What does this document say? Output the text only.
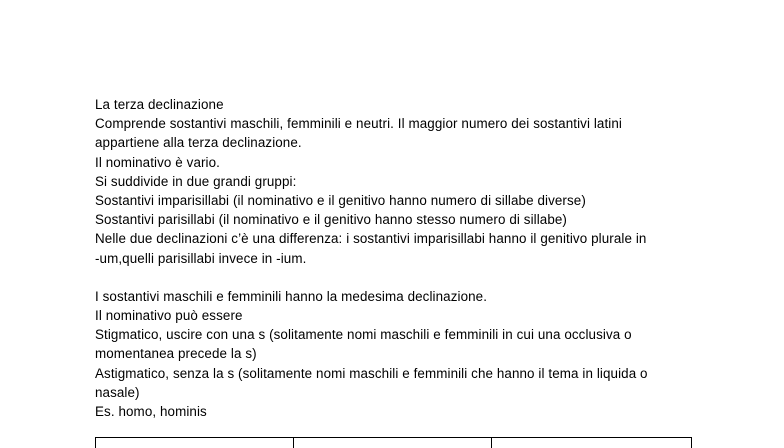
La terza declinazione
Comprende sostantivi maschili, femminili e neutri. Il maggior numero dei sostantivi latini
appartiene alla terza declinazione.
Il nominativo è vario.
Si suddivide in due grandi gruppi:
Sostantivi imparisillabi (il nominativo e il genitivo hanno numero di sillabe diverse)
Sostantivi parisillabi (il nominativo e il genitivo hanno stesso numero di sillabe)
Nelle due declinazioni c’è una differenza: i sostantivi imparisillabi hanno il genitivo plurale in
-um,quelli parisillabi invece in -ium.
I sostantivi maschili e femminili hanno la medesima declinazione.
Il nominativo può essere
Stigmatico, uscire con una s (solitamente nomi maschili e femminili in cui una occlusiva o
momentanea precede la s)
Astigmatico, senza la s (solitamente nomi maschili e femminili che hanno il tema in liquida o
nasale)
Es. homo, hominis
